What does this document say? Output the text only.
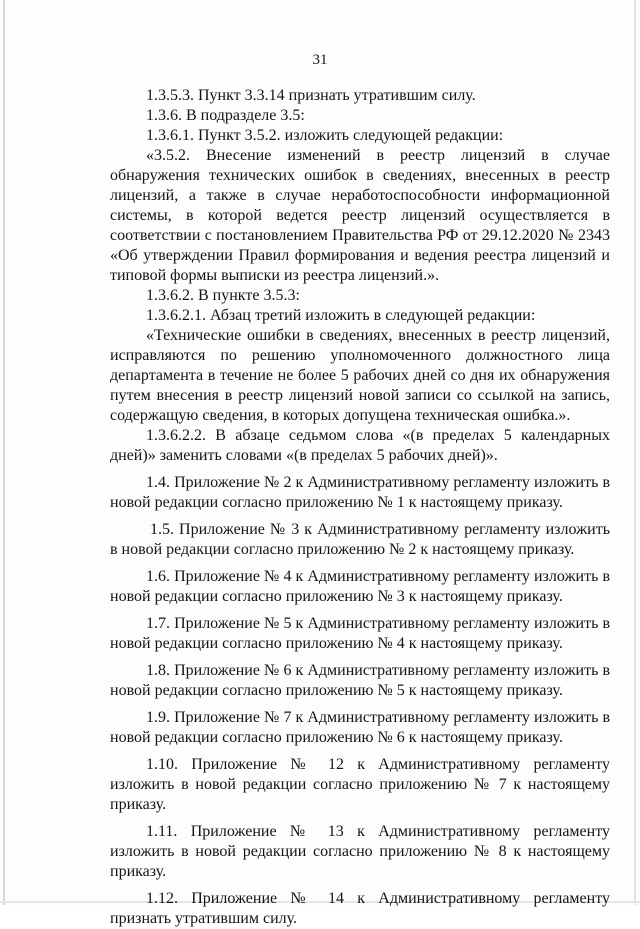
31

1.3.5.3. Пункт 3.3.14 признать утратившим силу.

1.3.6. В подразделе 3.5:

1.3.6.1. Пункт 3.5.2. изложить следующей редакции:

«3.5.2. Внесение изменений в реестр лицензий в случае обнаружения технических ошибок в сведениях, внесенных в реестр лицензий, а также в случае неработоспособности информационной системы, в которой ведется реестр лицензий осуществляется в соответствии с постановлением Правительства РФ от 29.12.2020 № 2343 «Об утверждении Правил формирования и ведения реестра лицензий и типовой формы выписки из реестра лицензий.».

1.3.6.2. В пункте 3.5.3:

1.3.6.2.1. Абзац третий изложить в следующей редакции:

«Технические ошибки в сведениях, внесенных в реестр лицензий, исправляются по решению уполномоченного должностного лица департамента в течение не более 5 рабочих дней со дня их обнаружения путем внесения в реестр лицензий новой записи со ссылкой на запись, содержащую сведения, в которых допущена техническая ошибка.».

1.3.6.2.2. В абзаце седьмом слова «(в пределах 5 календарных дней)» заменить словами «(в пределах 5 рабочих дней)».

1.4. Приложение № 2 к Административному регламенту изложить в новой редакции согласно приложению № 1 к настоящему приказу.

1.5. Приложение № 3 к Административному регламенту изложить в новой редакции согласно приложению № 2 к настоящему приказу.

1.6. Приложение № 4 к Административному регламенту изложить в новой редакции согласно приложению № 3 к настоящему приказу.

1.7. Приложение № 5 к Административному регламенту изложить в новой редакции согласно приложению № 4 к настоящему приказу.

1.8. Приложение № 6 к Административному регламенту изложить в новой редакции согласно приложению № 5 к настоящему приказу.

1.9. Приложение № 7 к Административному регламенту изложить в новой редакции согласно приложению № 6 к настоящему приказу.

1.10. Приложение № 12 к Административному регламенту изложить в новой редакции согласно приложению № 7 к настоящему приказу.

1.11. Приложение № 13 к Административному регламенту изложить в новой редакции согласно приложению № 8 к настоящему приказу.

1.12. Приложение № 14 к Административному регламенту признать утратившим силу.
